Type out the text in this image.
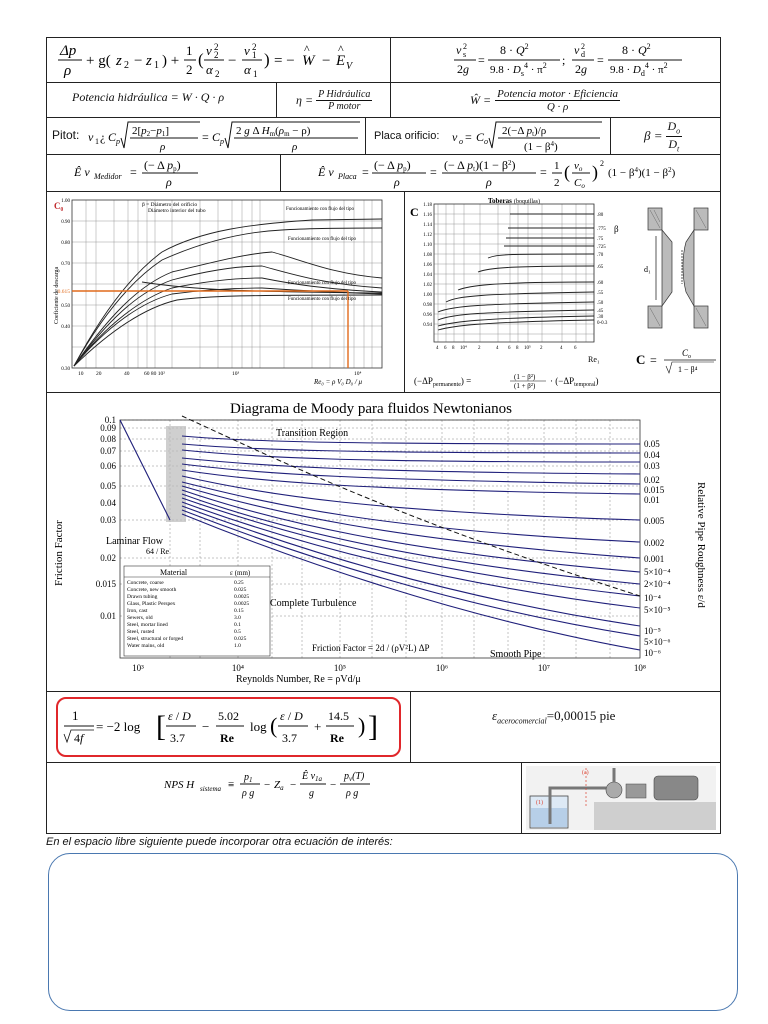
Δp
ρ
+ g( z 2 − z 1 ) +
1
2
( v 2
2
α 2
−
v 2
1
α 1
) = − W
^
− E
^
V
v 2
s
2g
=
$8 \cdot Q^2$
$9.8 \cdot D_s^4 \cdot \pi^2$ ;
v 2
d
2g
=
$8 \cdot Q^2$
$9.8 \cdot D_d^4 \cdot \pi^2$
Potencia hidráulica = W · Q · ρ	$\eta = \frac{\text{P Hidráulica}}{\text{P motor}}$	Ŵ = $\frac{\text{Potencia motor · Eficiencia}}{Q \cdot \rho}$
Pitot: v 1 ¿ C p
2[p2−p1]
ρ
= C p
2 g Δ Hm(ρm − ρ)
ρ
Placa orificio: v o = C o
2(−Δ pt)/ρ
$(1 - \beta^4)$
$\beta = \frac{D_o}{D_t}$
Ê v Medidor = (− Δ pp)
ρ
Ê v Placa = (− Δ pp)
ρ
= (− Δ $pt)(1 - \beta^2)$
ρ
= 1
2
( vo
Co
) 2
$(1 - \beta^4)(1 - \beta^2)$
C₀
Coeficiente de descarga
β = Diámetro del orificio
Diámetro interior del tubo	Funcionamiento con flujo del tipo
Funcionamiento con flujo del tipo
Funcionamiento con flujo del tipo
Funcionamiento con flujo del tipo
1.00
0.90
0.80
0.70
0.50
0.40
0.30
0.615
10 20	40	60 80 10²	10³	10⁴
Re₀ = ρ V₀ D₀ / μ
C
Toberas (boquillas)
β
1.18
1.16
1.14
1.12
1.10
1.08
1.06
1.04
1.02
1.00
0.98
0.96
0.94
.80
.775
.75
.725
.70
.65
.60
.55
.50
.45
.30
0-0.3
4 6 8 10⁴ 2	4 6 8 10⁵ 2	4 6
Re₁
d₁
$(-\Delta P_{permanente})$ =	(1 − β²)
$(1 + \beta^2) \cdot (-\Delta P_{temporal})$
C =	$C_o$
1 − β⁴
Diagrama de Moody para fluidos Newtonianos
Transition Region
Laminar Flow
64 / Re
Complete Turbulence
Friction Factor = 2d / (ρV²L) ΔP
Smooth Pipe
Friction Factor
Reynolds Number, Re = ρVd/μ
Relative Pipe Roughness ε/d
0.1
0.09
0.08
0.07
0.06
0.05
0.04
0.03
0.02
0.015
0.01
10³	10⁴	10⁵	10⁶	10⁷	10⁸
0.05
0.04
0.03
0.02
0.015
0.01
0.005
0.002
0.001
5×10⁻⁴
2×10⁻⁴
10⁻⁴
5×10⁻⁵
10⁻⁵
5×10⁻⁶
10⁻⁶
Material	ε (mm)
Concrete, coarse	0.25
Concrete, new smooth	0.025
Drawn tubing	0.0025
Glass, Plastic Perspex	0.0025
Iron, cast	0.15
Sewers, old	3.0
Steel, mortar lined	0.1
Steel, rusted	0.5
Steel, structural or forged	0.025
Water mains, old	1.0
1
4f
= −2 log [ ε / D
3.7
−
5.02
Re
log ( ε / D
3.7
+
14.5
Re ) ]	$\varepsilon_{acerocomercial}=0,00015$ pie
NPS H sistema ≡
$p_1$
ρ g
− Za −
Ê $v_{1a}$
g
−
$p_v(T)$
ρ g
(a)
(1)
En el espacio libre siguiente puede incorporar otra ecuación de interés:
